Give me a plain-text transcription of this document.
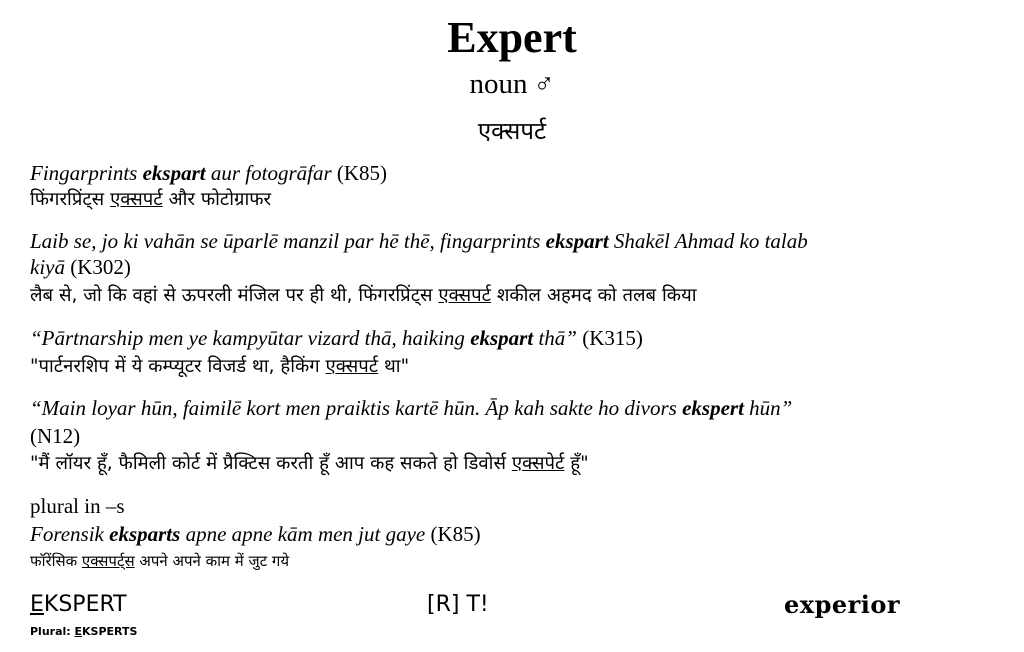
Expert
noun ♂
एक्सपर्ट
Fingarprints ekspart aur fotogrāfar (K85)
फिंगरप्रिंट्स एक्सपर्ट और फोटोग्राफर
Laib se, jo ki vahān se ūparlē manzil par hē thē, fingarprints ekspart Shakēl Ahmad ko talab
kiyā (K302)
लैब से, जो कि वहां से ऊपरली मंजिल पर ही थी, फिंगरप्रिंट्स एक्सपर्ट शकील अहमद को तलब किया
“Pārtnarship men ye kampyūtar vizard thā, haiking ekspart thā” (K315)
"पार्टनरशिप में ये कम्प्यूटर विजर्ड था, हैकिंग एक्सपर्ट था"
“Main loyar hūn, faimilē kort men praiktis kartē hūn. Āp kah sakte ho divors ekspert hūn”
(N12)
"मैं लॉयर हूँ, फैमिली कोर्ट में प्रैक्टिस करती हूँ आप कह सकते हो डिवोर्स एक्सपेर्ट हूँ"
plural in –s
Forensik eksparts apne apne kām men jut gaye (K85)
फॉरेंसिक एक्सपर्ट्स अपने अपने काम में जुट गये
EKSPERT	[R] T!	experior
Plural: EKSPERTS
